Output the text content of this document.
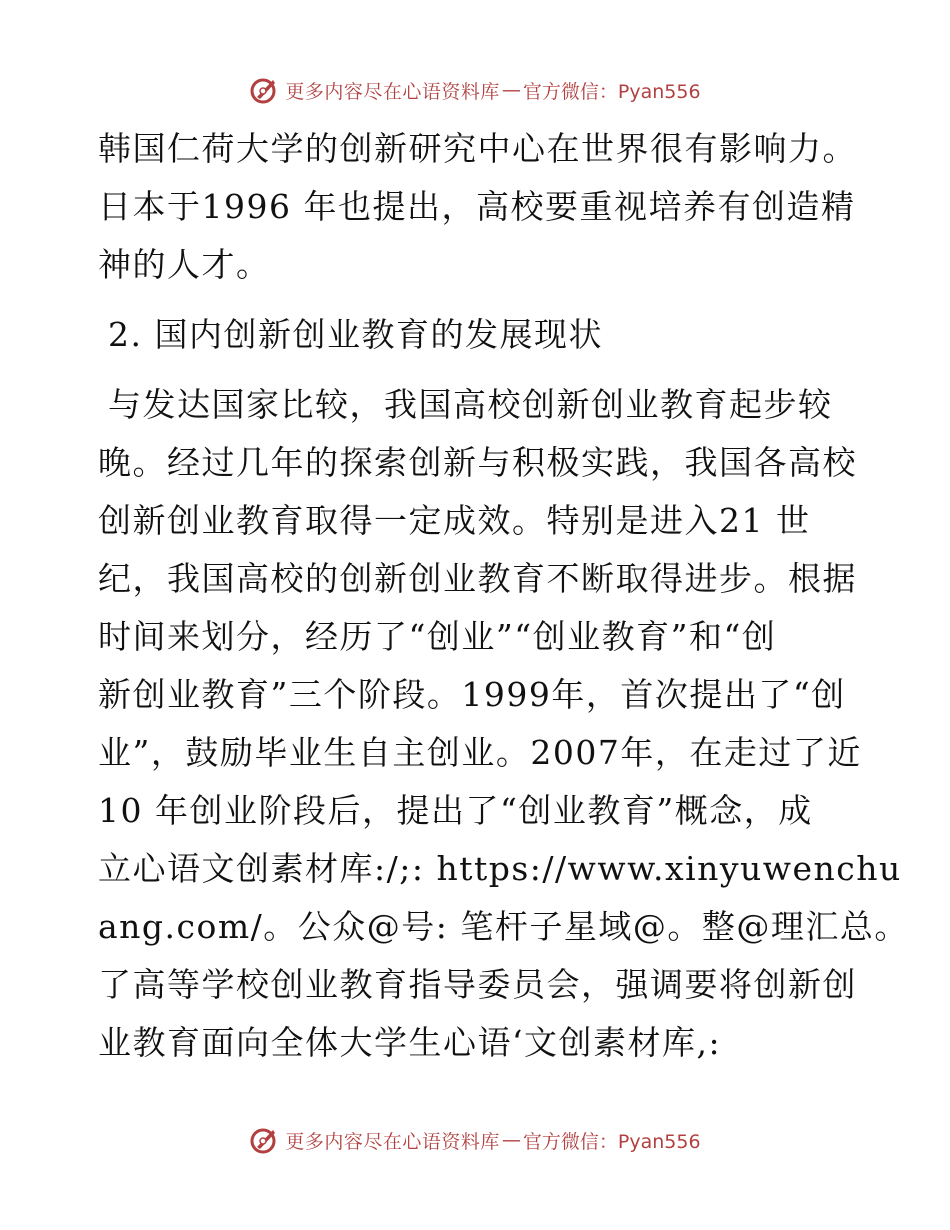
更多内容尽在心语资料库 — 官方微信：Pyan556
韩国仁荷大学的创新研究中心在世界很有影响力。
日本于1996 年也提出，高校要重视培养有创造精
神的人才。
2. 国内创新创业教育的发展现状
与发达国家比较，我国高校创新创业教育起步较
晚。经过几年的探索创新与积极实践，我国各高校
创新创业教育取得一定成效。特别是进入21 世
纪，我国高校的创新创业教育不断取得进步。根据
时间来划分，经历了“创业”“创业教育”和“创
新创业教育”三个阶段。1999年，首次提出了“创
业”，鼓励毕业生自主创业。2007年，在走过了近
10 年创业阶段后，提出了“创业教育”概念，成
立心语文创素材库:/;: https://www.xinyuwenchu
ang.com/。公众@号: 笔杆子星域@。整@理汇总。
了高等学校创业教育指导委员会，强调要将创新创
业教育面向全体大学生心语‘文创素材库,:
更多内容尽在心语资料库 — 官方微信：Pyan556
